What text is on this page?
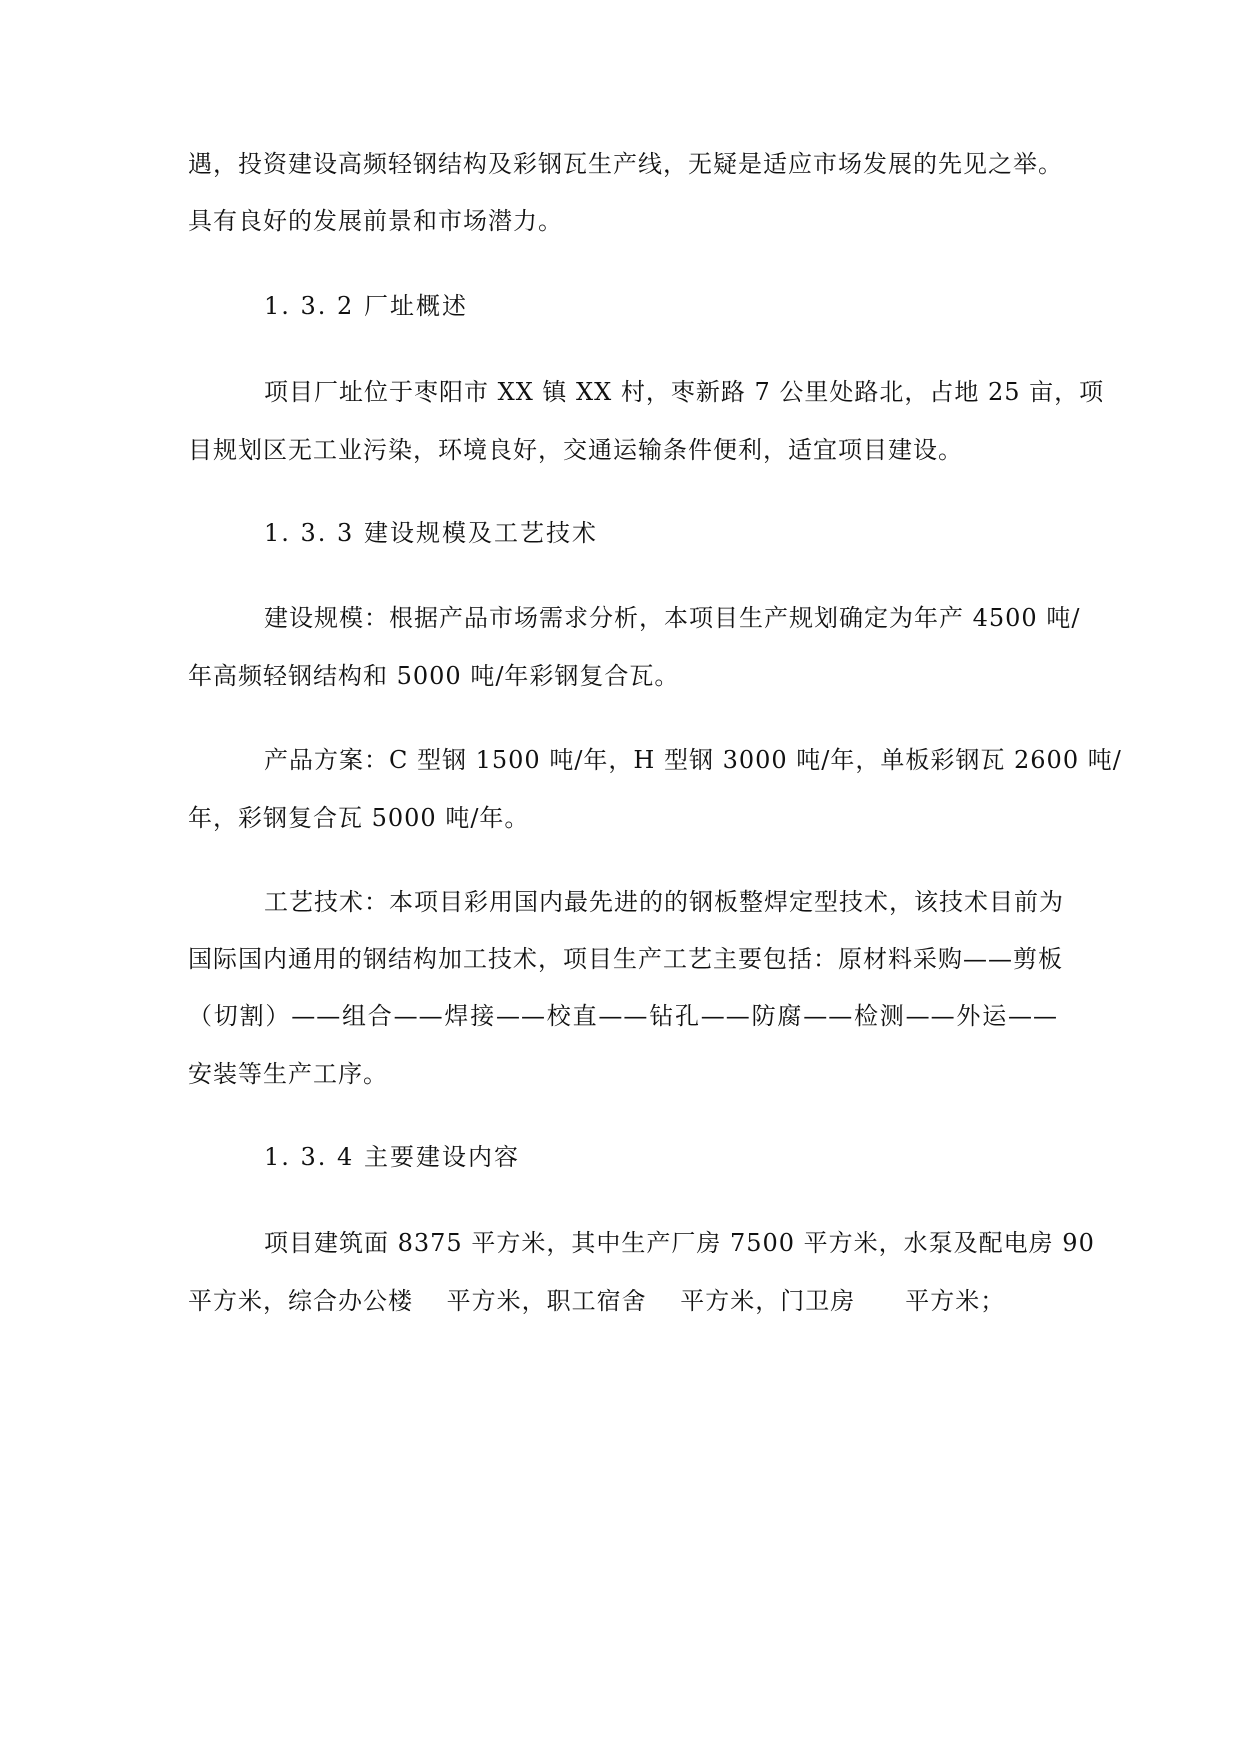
遇，投资建设高频轻钢结构及彩钢瓦生产线，无疑是适应市场发展的先见之举。
具有良好的发展前景和市场潜力。
1. 3. 2 厂址概述
项目厂址位于枣阳市 XX 镇 XX 村，枣新路 7 公里处路北，占地 25 亩，项
目规划区无工业污染，环境良好，交通运输条件便利，适宜项目建设。
1. 3. 3 建设规模及工艺技术
建设规模：根据产品市场需求分析，本项目生产规划确定为年产 4500 吨/
年高频轻钢结构和 5000 吨/年彩钢复合瓦。
产品方案：C 型钢 1500 吨/年，H 型钢 3000 吨/年，单板彩钢瓦 2600 吨/
年，彩钢复合瓦 5000 吨/年。
工艺技术：本项目彩用国内最先进的的钢板整焊定型技术，该技术目前为
国际国内通用的钢结构加工技术，项目生产工艺主要包括：原材料采购——剪板
（切割）——组合——焊接——校直——钻孔——防腐——检测——外运——
安装等生产工序。
1. 3. 4 主要建设内容
项目建筑面 8375 平方米，其中生产厂房 7500 平方米，水泵及配电房 90
平方米，综合办公楼　 平方米，职工宿舍　 平方米，门卫房　　平方米；
